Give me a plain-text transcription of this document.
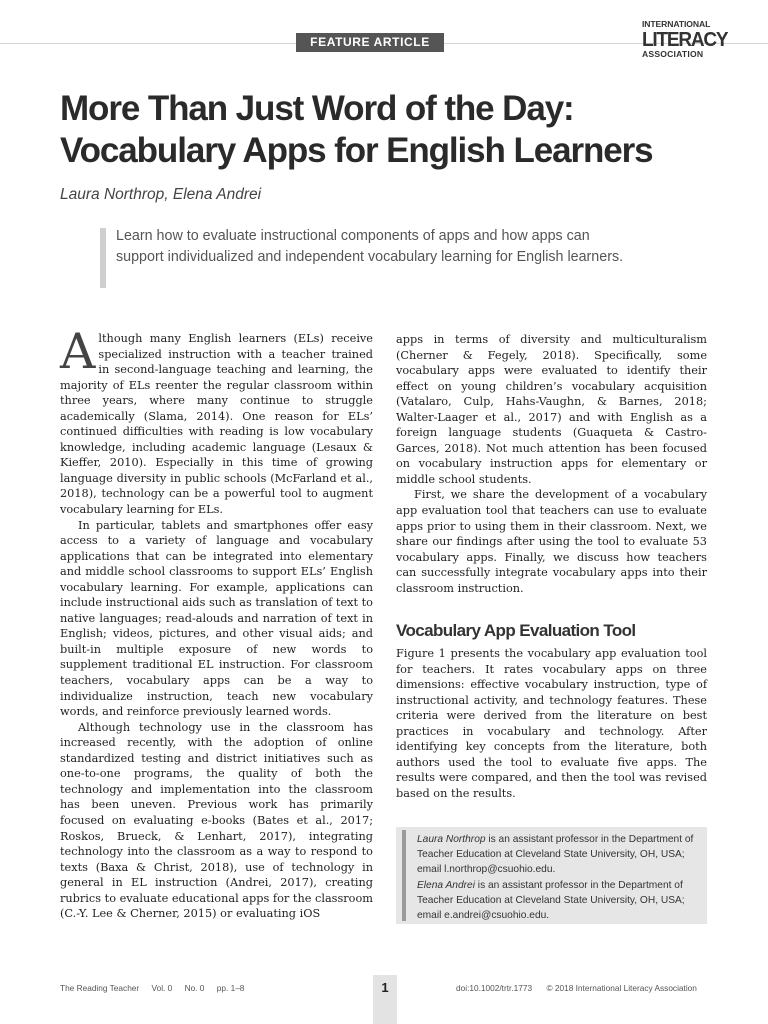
FEATURE ARTICLE
INTERNATIONAL
LITERACY
ASSOCIATION
More Than Just Word of the Day: Vocabulary Apps for English Learners

Laura Northrop, Elena Andrei

Learn how to evaluate instructional components of apps and how apps can support individualized and independent vocabulary learning for English learners.

Although many English learners (ELs) receive specialized instruction with a teacher trained in second-language teaching and learning, the majority of ELs reenter the regular classroom within three years, where many continue to struggle academically (Slama, 2014). One reason for ELs’ continued difficulties with reading is low vocabulary knowledge, including academic language (Lesaux & Kieffer, 2010). Especially in this time of growing language diversity in public schools (McFarland et al., 2018), technology can be a powerful tool to augment vocabulary learning for ELs.

In particular, tablets and smartphones offer easy access to a variety of language and vocabulary applications that can be integrated into elementary and middle school classrooms to support ELs’ English vocabulary learning. For example, applications can include instructional aids such as translation of text to native languages; read-alouds and narration of text in English; videos, pictures, and other visual aids; and built-in multiple exposure of new words to supplement traditional EL instruction. For classroom teachers, vocabulary apps can be a way to individualize instruction, teach new vocabulary words, and reinforce previously learned words.

Although technology use in the classroom has increased recently, with the adoption of online standardized testing and district initiatives such as one-to-one programs, the quality of both the technology and implementation into the classroom has been uneven. Previous work has primarily focused on evaluating e-books (Bates et al., 2017; Roskos, Brueck, & Lenhart, 2017), integrating technology into the classroom as a way to respond to texts (Baxa & Christ, 2018), use of technology in general in EL instruction (Andrei, 2017), creating rubrics to evaluate educational apps for the classroom (C.-Y. Lee & Cherner, 2015) or evaluating iOS

apps in terms of diversity and multiculturalism (Cherner & Fegely, 2018). Specifically, some vocabulary apps were evaluated to identify their effect on young children’s vocabulary acquisition (Vatalaro, Culp, Hahs-Vaughn, & Barnes, 2018; Walter-Laager et al., 2017) and with English as a foreign language students (Guaqueta & Castro-Garces, 2018). Not much attention has been focused on vocabulary instruction apps for elementary or middle school students.

First, we share the development of a vocabulary app evaluation tool that teachers can use to evaluate apps prior to using them in their classroom. Next, we share our findings after using the tool to evaluate 53 vocabulary apps. Finally, we discuss how teachers can successfully integrate vocabulary apps into their classroom instruction.

Vocabulary App Evaluation Tool

Figure 1 presents the vocabulary app evaluation tool for teachers. It rates vocabulary apps on three dimensions: effective vocabulary instruction, type of instructional activity, and technology features. These criteria were derived from the literature on best practices in vocabulary and technology. After identifying key concepts from the literature, both authors used the tool to evaluate five apps. The results were compared, and then the tool was revised based on the results.

Laura Northrop is an assistant professor in the Department of Teacher Education at Cleveland State University, OH, USA; email l.northrop@csuohio.edu.

Elena Andrei is an assistant professor in the Department of Teacher Education at Cleveland State University, OH, USA; email e.andrei@csuohio.edu.

The Reading Teacher Vol. 0 No. 0 pp. 1–8	1	doi:10.1002/trtr.1773 © 2018 International Literacy Association
